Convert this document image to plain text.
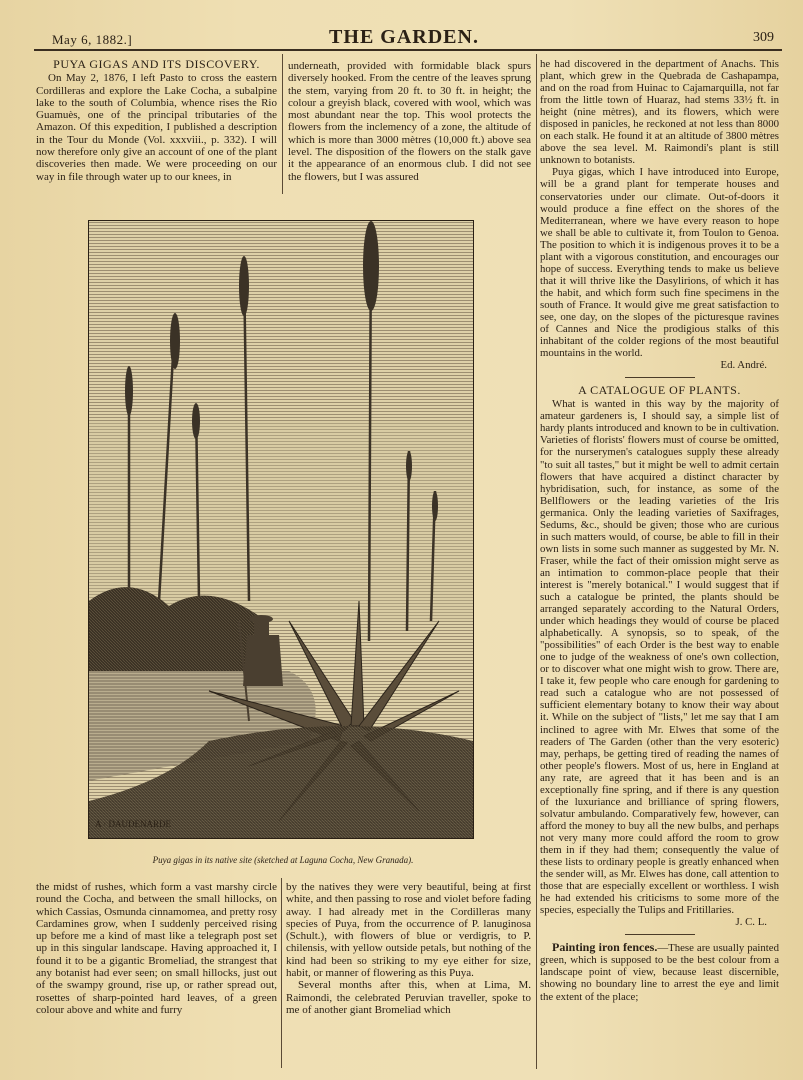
May 6, 1882.]	THE GARDEN.	309
PUYA GIGAS AND ITS DISCOVERY.

On May 2, 1876, I left Pasto to cross the eastern Cordilleras and explore the Lake Cocha, a subalpine lake to the south of Columbia, whence rises the Rio Guamuès, one of the principal tributaries of the Amazon. Of this expedition, I published a description in the Tour du Monde (Vol. xxxviii., p. 332). I will now therefore only give an account of one of the plant discoveries then made. We were proceeding on our way in file through water up to our knees, in

underneath, provided with formidable black spurs diversely hooked. From the centre of the leaves sprung the stem, varying from 20 ft. to 30 ft. in height; the colour a greyish black, covered with wool, which was most abundant near the top. This wool protects the flowers from the inclemency of a zone, the altitude of which is more than 3000 mètres (10,000 ft.) above sea level. The disposition of the flowers on the stalk gave it the appearance of an enormous club. I did not see the flowers, but I was assured

A · DAUDENARDE
Puya gigas in its native site (sketched at Laguna Cocha, New Granada).

the midst of rushes, which form a vast marshy circle round the Cocha, and between the small hillocks, on which Cassias, Osmunda cinnamomea, and pretty rosy Cardamines grow, when I suddenly perceived rising up before me a kind of mast like a telegraph post set up in this singular landscape. Having approached it, I found it to be a gigantic Bromeliad, the strangest that any botanist had ever seen; on small hillocks, just out of the swampy ground, rise up, or rather spread out, rosettes of sharp-pointed hard leaves, of a green colour above and white and furry

by the natives they were very beautiful, being at first white, and then passing to rose and violet before fading away. I had already met in the Cordilleras many species of Puya, from the occurrence of P. lanuginosa (Schult.), with flowers of blue or verdigris, to P. chilensis, with yellow outside petals, but nothing of the kind had been so striking to my eye either for size, habit, or manner of flowering as this Puya.

Several months after this, when at Lima, M. Raimondi, the celebrated Peruvian traveller, spoke to me of another giant Bromeliad which

he had discovered in the department of Anachs. This plant, which grew in the Quebrada de Cashapampa, and on the road from Huinac to Cajamarquilla, not far from the little town of Huaraz, had stems 33½ ft. in height (nine mètres), and its flowers, which were disposed in panicles, he reckoned at not less than 8000 on each stalk. He found it at an altitude of 3800 mètres above the sea level. M. Raimondi's plant is still unknown to botanists.

Puya gigas, which I have introduced into Europe, will be a grand plant for temperate houses and conservatories under our climate. Out-of-doors it would produce a fine effect on the shores of the Mediterranean, where we have every reason to hope we shall be able to cultivate it, from Toulon to Genoa. The position to which it is indigenous proves it to be a plant with a vigorous constitution, and encourages our hope of success. Everything tends to make us believe that it will thrive like the Dasylirions, of which it has the habit, and which form such fine specimens in the south of France. It would give me great satisfaction to see, one day, on the slopes of the picturesque ravines of Cannes and Nice the prodigious stalks of this inhabitant of the colder regions of the most beautiful mountains in the world.

Ed. André.

A CATALOGUE OF PLANTS.

What is wanted in this way by the majority of amateur gardeners is, I should say, a simple list of hardy plants introduced and known to be in cultivation. Varieties of florists' flowers must of course be omitted, for the nurserymen's catalogues supply these already "to suit all tastes," but it might be well to admit certain flowers that have acquired a distinct character by hybridisation, such, for instance, as some of the Bellflowers or the leading varieties of the Iris germanica. Only the leading varieties of Saxifrages, Sedums, &c., should be given; those who are curious in such matters would, of course, be able to fill in their own lists in some such manner as suggested by Mr. N. Fraser, while the fact of their omission might serve as an intimation to common-place people that their interest is "merely botanical." I would suggest that if such a catalogue be printed, the plants should be arranged separately according to the Natural Orders, under which headings they would of course be placed alphabetically. A synopsis, so to speak, of the "possibilities" of each Order is the best way to enable one to judge of the weakness of one's own collection, or to discover what one might wish to grow. There are, I take it, few people who care enough for gardening to read such a catalogue who are not possessed of sufficient elementary botany to know their way about it. While on the subject of "lists," let me say that I am inclined to agree with Mr. Elwes that some of the readers of The Garden (other than the very esoteric) may, perhaps, be getting tired of reading the names of other people's flowers. Most of us, here in England at any rate, are agreed that it has been and is an exceptionally fine spring, and if there is any question of the luxuriance and brilliance of spring flowers, solvatur ambulando. Comparatively few, however, can afford the money to buy all the new bulbs, and perhaps not very many more could afford the room to grow them in if they had them; consequently the value of these lists to ordinary people is greatly enhanced when the sender will, as Mr. Elwes has done, call attention to those that are especially excellent or worthless. I wish he had extended his criticisms to some more of the species, especially the Tulips and Fritillaries.

J. C. L.

Painting iron fences.—These are usually painted green, which is supposed to be the best colour from a landscape point of view, because least discernible, showing no boundary line to arrest the eye and limit the extent of the place;
